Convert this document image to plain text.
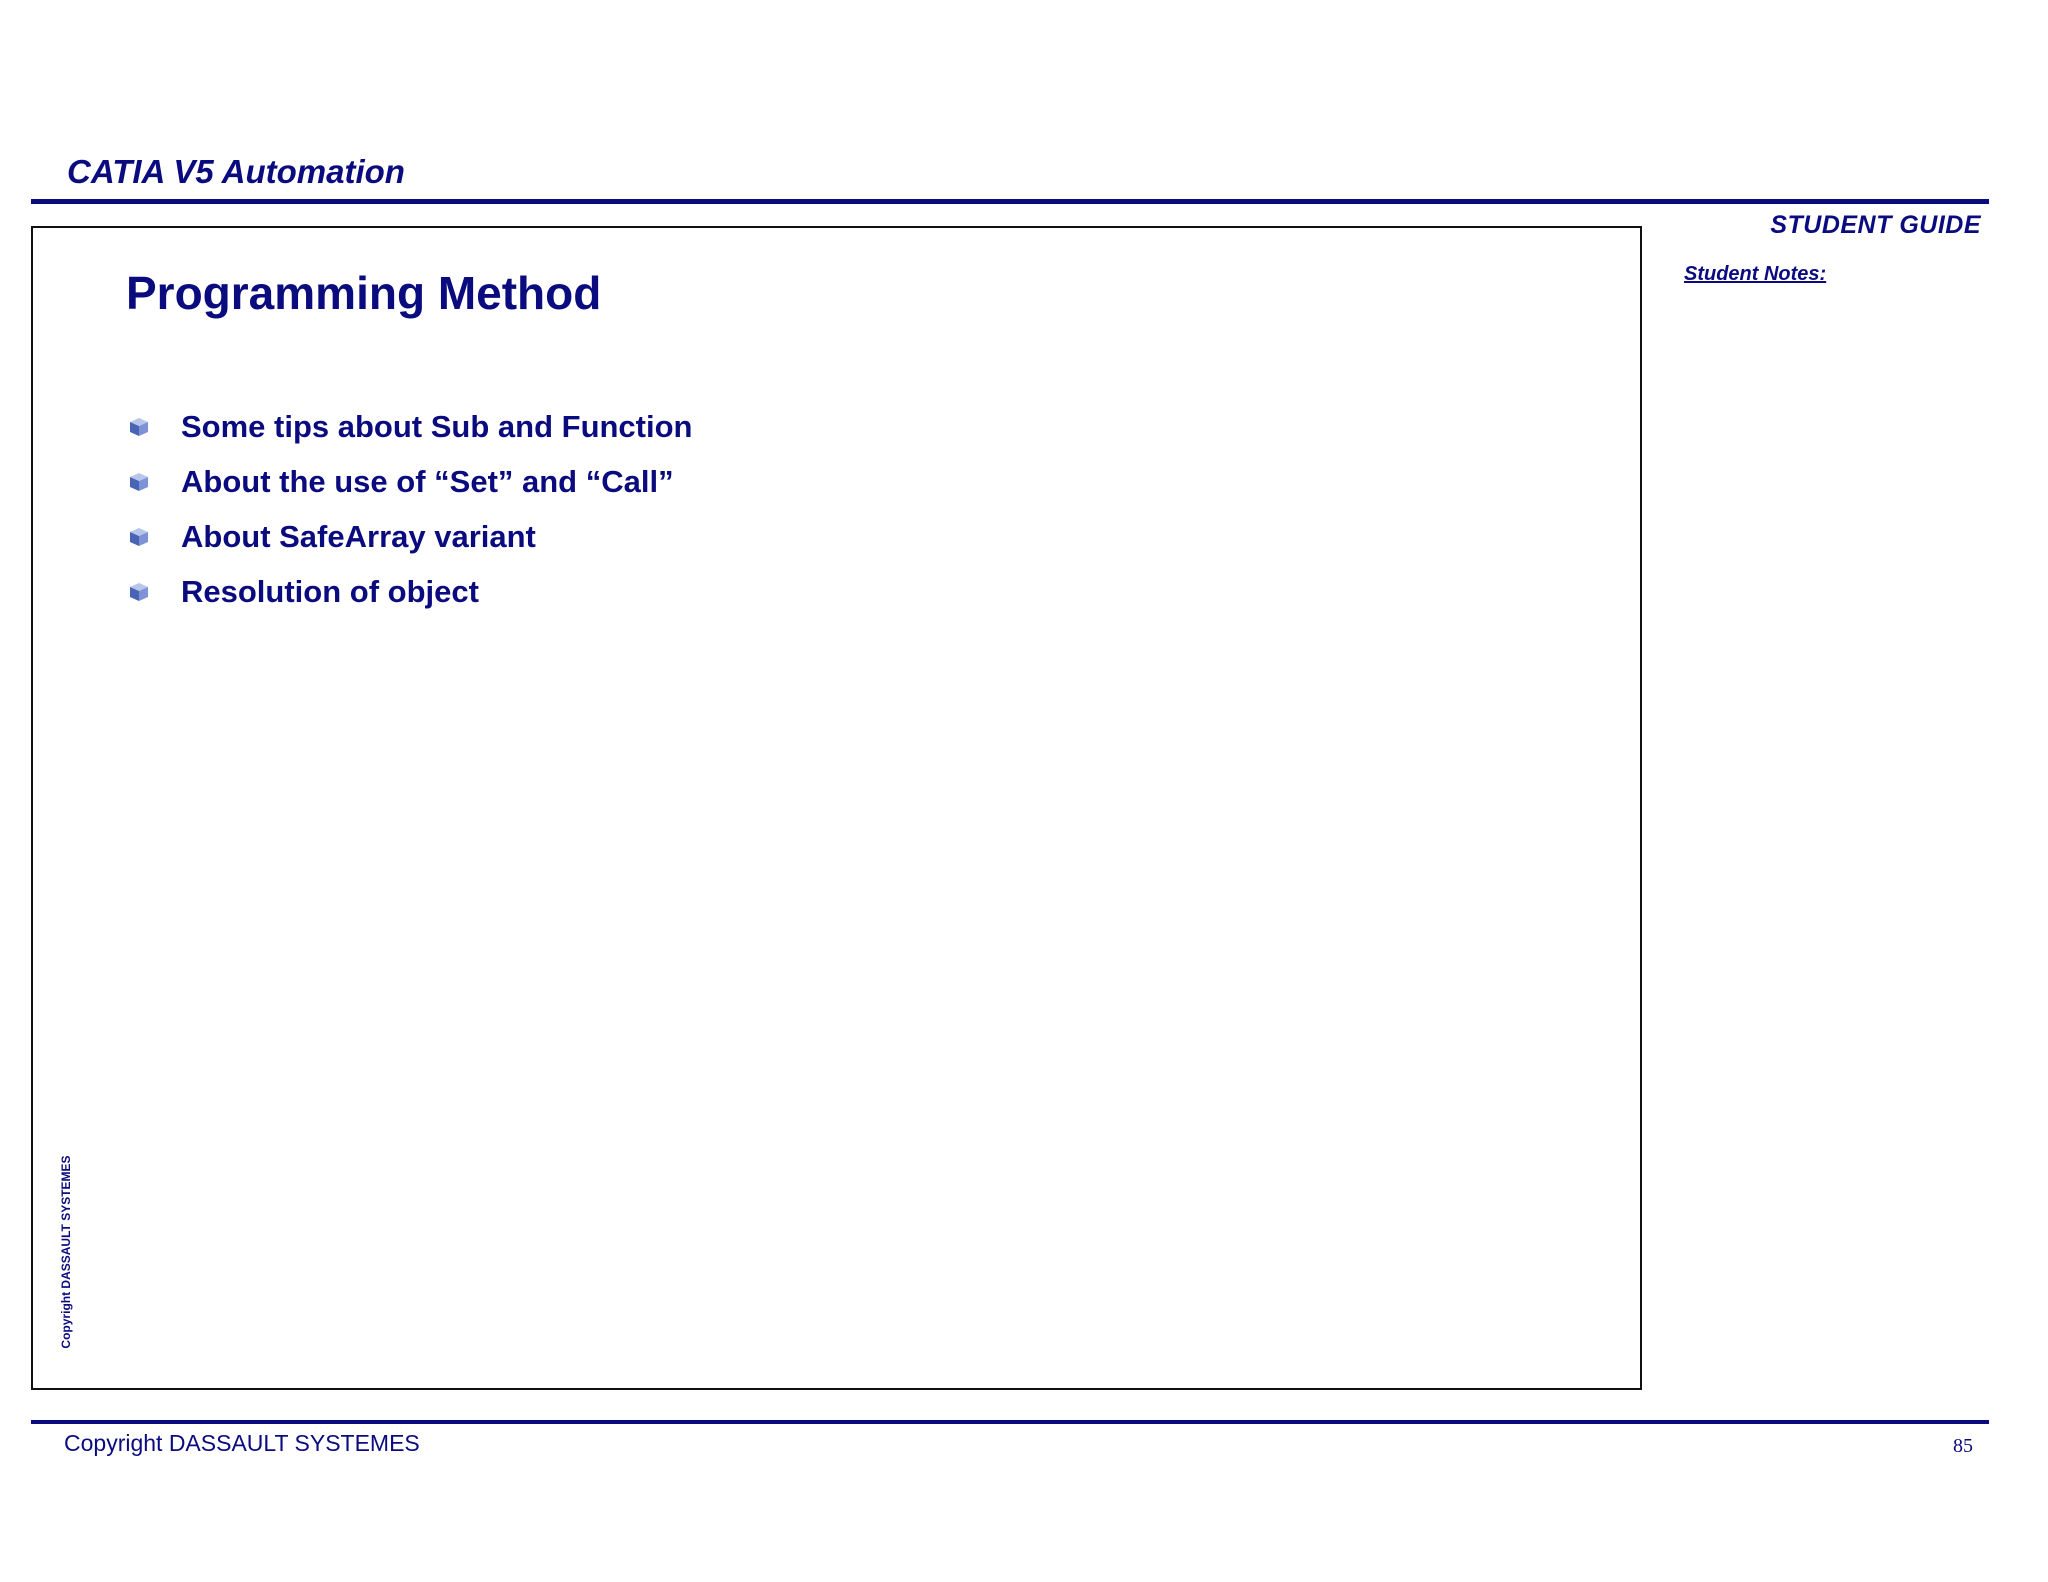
CATIA V5 Automation
STUDENT GUIDE
Student Notes:
Programming Method
Some tips about Sub and Function
About the use of “Set” and “Call”
About SafeArray variant
Resolution of object
Copyright DASSAULT SYSTEMES
Copyright DASSAULT SYSTEMES	85
